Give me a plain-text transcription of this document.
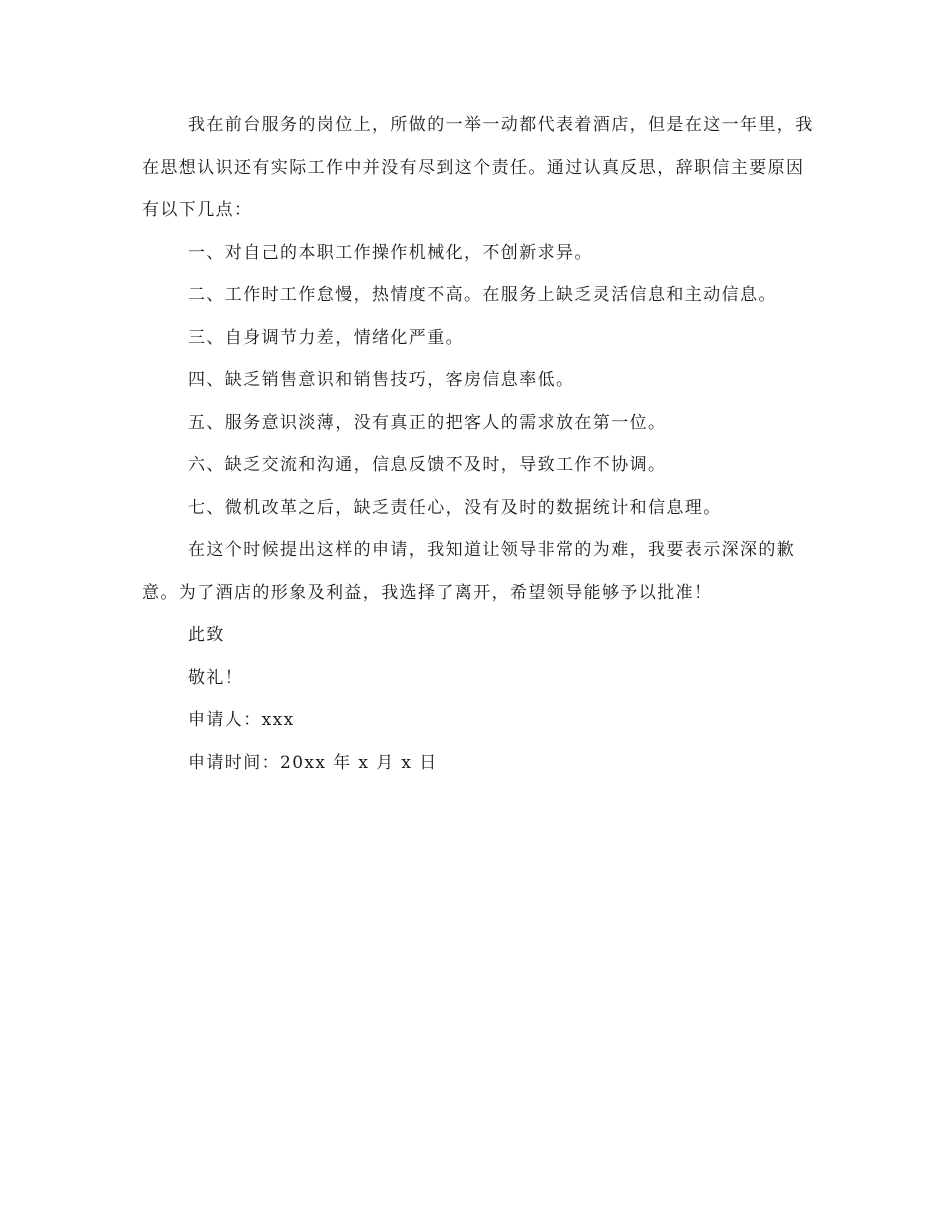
我在前台服务的岗位上，所做的一举一动都代表着酒店，但是在这一年里，我在思想认识还有实际工作中并没有尽到这个责任。通过认真反思，辞职信主要原因有以下几点：

一、对自己的本职工作操作机械化，不创新求异。

二、工作时工作怠慢，热情度不高。在服务上缺乏灵活信息和主动信息。

三、自身调节力差，情绪化严重。

四、缺乏销售意识和销售技巧，客房信息率低。

五、服务意识淡薄，没有真正的把客人的需求放在第一位。

六、缺乏交流和沟通，信息反馈不及时，导致工作不协调。

七、微机改革之后，缺乏责任心，没有及时的数据统计和信息理。

在这个时候提出这样的申请，我知道让领导非常的为难，我要表示深深的歉意。为了酒店的形象及利益，我选择了离开，希望领导能够予以批准！

此致

敬礼！

申请人：xxx

申请时间：20xx 年 x 月 x 日
